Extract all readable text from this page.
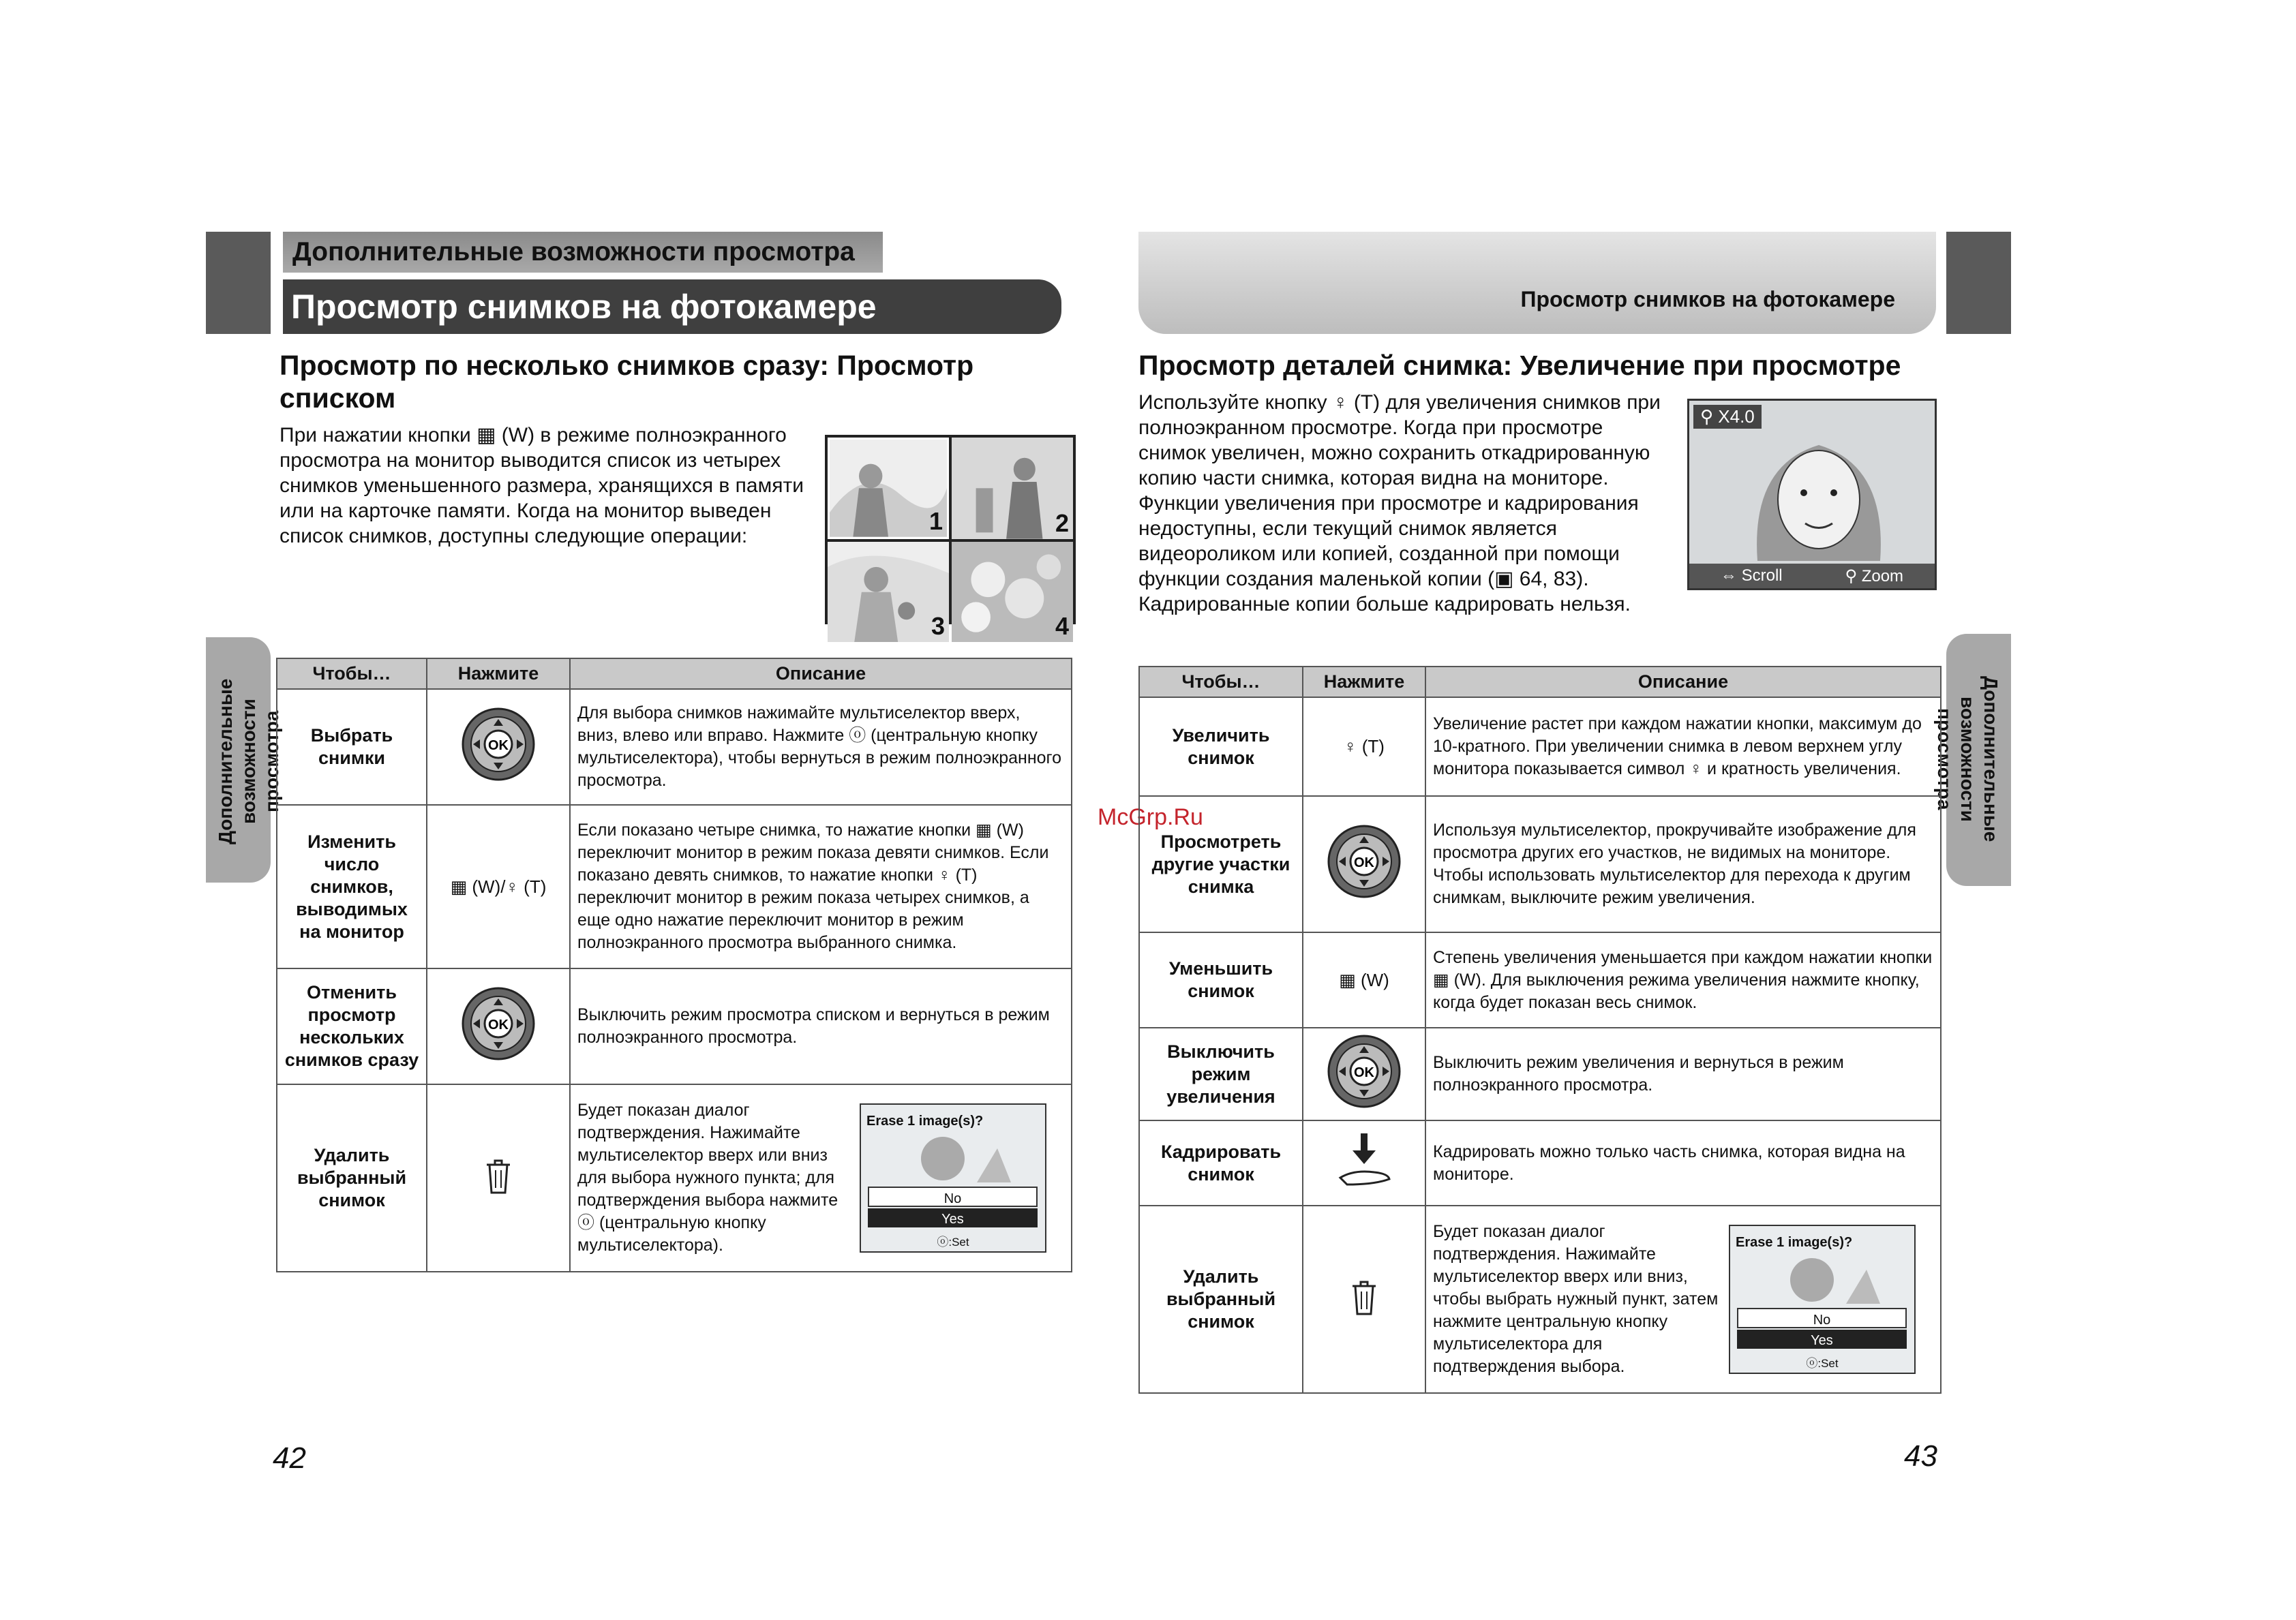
Дополнительные возможности просмотра
Просмотр снимков на фотокамере
Просмотр по несколько снимков сразу: Просмотр списком
При нажатии кнопки ▦ (W) в режиме полноэкранного просмотра на монитор выводится список из четырех снимков уменьшенного размера, хранящихся в памяти или на карточке памяти. Когда на монитор выведен список снимков, доступны следующие операции:
1	2
3	4
Дополнительные возможности просмотра
Чтобы…	Нажмите	Описание
Выбрать снимки	OK	Для выбора снимков нажимайте мультиселектор вверх, вниз, влево или вправо. Нажмите ⓞ (центральную кнопку мультиселектора), чтобы вернуться в режим полноэкранного просмотра.
Изменить число снимков, выводимых на монитор	▦ (W)/♀ (T)	Если показано четыре снимка, то нажатие кнопки ▦ (W) переключит монитор в режим показа девяти снимков. Если показано девять снимков, то нажатие кнопки ♀ (T) переключит монитор в режим показа четырех снимков, а еще одно нажатие переключит монитор в режим полноэкранного просмотра выбранного снимка.
Отменить просмотр нескольких снимков сразу	OK	Выключить режим просмотра списком и вернуться в режим полноэкранного просмотра.
Удалить выбранный снимок		Будет показан диалог подтверждения. Нажимайте мультиселектор вверх или вниз для выбора нужного пункта; для подтверждения выбора нажмите ⓞ (центральную кнопку мультиселектора).
Erase 1 image(s)?
No
Yes
ⓞ:Set
42
Просмотр снимков на фотокамере
Просмотр деталей снимка: Увеличение при просмотре
Используйте кнопку ♀ (T) для увеличения снимков при полноэкранном просмотре. Когда при просмотре снимок увеличен, можно сохранить откадрированную копию части снимка, которая видна на мониторе. Функции увеличения при просмотре и кадрирования недоступны, если текущий снимок является видеороликом или копией, созданной при помощи функции создания маленькой копии (▣ 64, 83). Кадрированные копии больше кадрировать нельзя.
⚲ X4.0
⇔ Scroll	⚲ Zoom
McGrp.Ru	Дополнительные возможности просмотра
Чтобы…	Нажмите	Описание
Увеличить снимок	♀ (T)	Увеличение растет при каждом нажатии кнопки, максимум до 10-кратного. При увеличении снимка в левом верхнем углу монитора показывается символ ♀ и кратность увеличения.
Просмотреть другие участки снимка	OK	Используя мультиселектор, прокручивайте изображение для просмотра других его участков, не видимых на мониторе. Чтобы использовать мультиселектор для перехода к другим снимкам, выключите режим увеличения.
Уменьшить снимок	▦ (W)	Степень увеличения уменьшается при каждом нажатии кнопки ▦ (W). Для выключения режима увеличения нажмите кнопку, когда будет показан весь снимок.
Выключить режим увеличения	OK	Выключить режим увеличения и вернуться в режим полноэкранного просмотра.
Кадрировать снимок		Кадрировать можно только часть снимка, которая видна на мониторе.
Удалить выбранный снимок		Будет показан диалог подтверждения. Нажимайте мультиселектор вверх или вниз, чтобы выбрать нужный пункт, затем нажмите центральную кнопку мультиселектора для подтверждения выбора.
Erase 1 image(s)?
No
Yes
ⓞ:Set
43
